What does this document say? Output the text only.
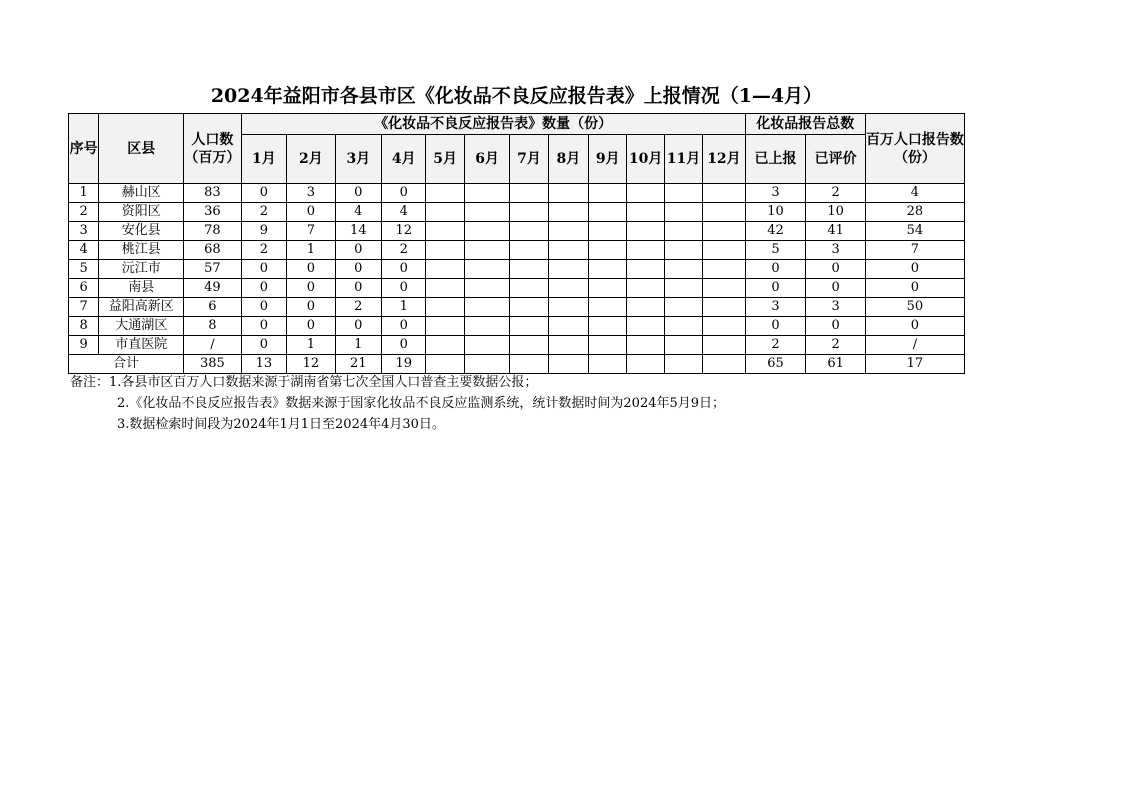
2024年益阳市各县市区《化妆品不良反应报告表》上报情况（1—4月）
序号	区县	人口数（百万）	《化妆品不良反应报告表》数量（份）												化妆品报告总数		百万人口报告数（份）
			1月	2月	3月	4月	5月	6月	7月	8月	9月	10月	11月	12月	已上报	已评价	
1	赫山区	83	0	3	0	0									3	2	4
2	资阳区	36	2	0	4	4									10	10	28
3	安化县	78	9	7	14	12									42	41	54
4	桃江县	68	2	1	0	2									5	3	7
5	沅江市	57	0	0	0	0									0	0	0
6	南县	49	0	0	0	0									0	0	0
7	益阳高新区	6	0	0	2	1									3	3	50
8	大通湖区	8	0	0	0	0									0	0	0
9	市直医院	/	0	1	1	0									2	2	/
合计		385	13	12	21	19									65	61	17
备注：1.各县市区百万人口数据来源于湖南省第七次全国人口普查主要数据公报；
2.《化妆品不良反应报告表》数据来源于国家化妆品不良反应监测系统，统计数据时间为2024年5月9日；
3.数据检索时间段为2024年1月1日至2024年4月30日。
